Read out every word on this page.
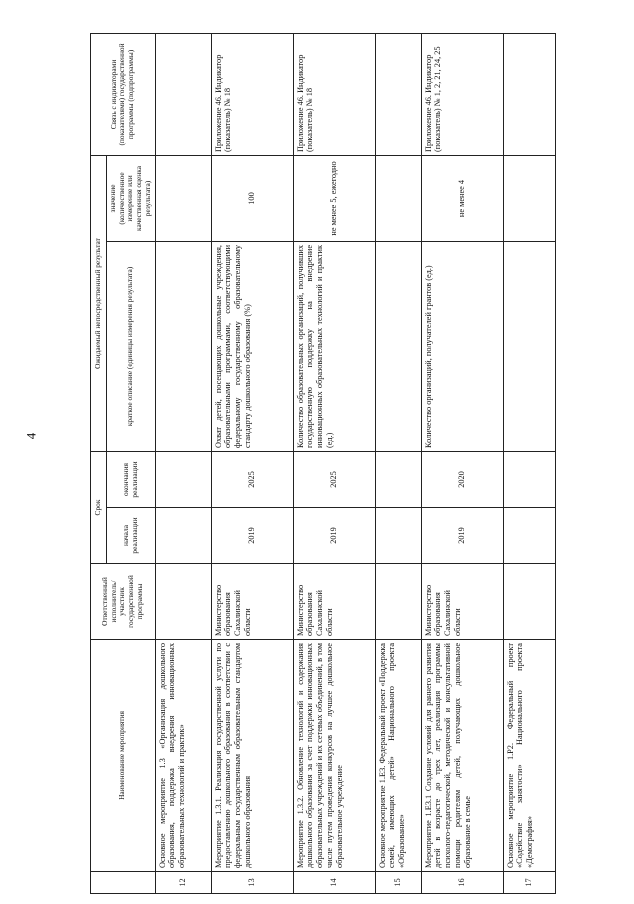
4
	Наименование мероприятия	Ответственный исполнитель/участник государственной программы	Срок		Ожидаемый непосредственный результат		Связь с индикаторами (показателями) государственной программы (подпрограммы)
			начала реализации	окончания реализации	краткое описание (единицы измерения результата)	значение (количественное измерение или качественная оценка результата)	
12	Основное мероприятие 1.3 «Организация дошкольного образования, поддержка внедрения инновационных образовательных технологий и практик»						
13	Мероприятие 1.3.1. Реализация государственной услуги по предоставлению дошкольного образования в соответствии с федеральным государственным образовательным стандартом дошкольного образования	Министерство образования Сахалинской области	2019	2025	Охват детей, посещающих дошкольные учреждения, образовательными программами, соответствующими федеральному государственному образовательному стандарту дошкольного образования (%)	100	Приложение 46. Индикатор (показатель) № 18
14	Мероприятие 1.3.2. Обновление технологий и содержания дошкольного образования за счет поддержки инновационных образовательных учреждений и их сетевых объединений, в том числе путем проведения конкурсов на лучшее дошкольное образовательное учреждение	Министерство образования Сахалинской области	2019	2025	Количество образовательных организаций, получивших государственную поддержку на внедрение инновационных образовательных технологий и практик (ед.)	не менее 5, ежегодно	Приложение 46. Индикатор (показатель) № 18
15	Основное мероприятие 1.Е3. Федеральный проект «Поддержка семей, имеющих детей» Национального проекта «Образование»						
16	Мероприятие 1.Е3.1 Создание условий для раннего развития детей в возрасте до трех лет, реализация программы психолого-педагогической, методической и консультативной помощи родителям детей, получающих дошкольное образование в семье	Министерство образования Сахалинской области	2019	2020	Количество организаций, получателей грантов (ед.)	не менее 4	Приложение 46. Индикатор (показатель) № 1, 2, 21, 24, 25
17	Основное мероприятие 1.Р2. Федеральный проект «Содействие занятости» Национального проекта «Демография»						
